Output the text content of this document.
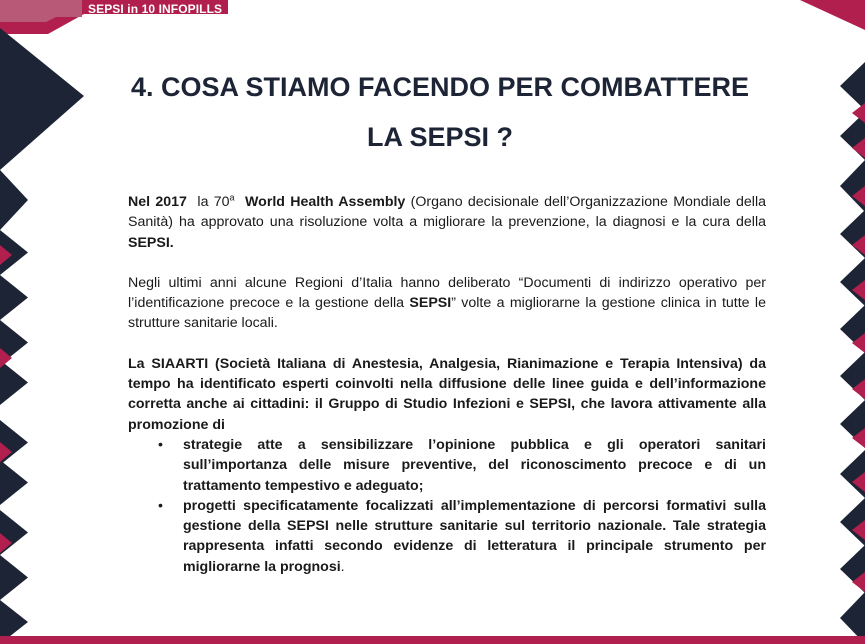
SEPSI in 10 INFOPILLS
4. COSA STIAMO FACENDO PER COMBATTERE
LA SEPSI ?

Nel 2017 la 70$^a$ World Health Assembly (Organo decisionale dell’Organizzazione Mondiale della Sanità) ha approvato una risoluzione volta a migliorare la prevenzione, la diagnosi e la cura della SEPSI.

Negli ultimi anni alcune Regioni d’Italia hanno deliberato “Documenti di indirizzo operativo per l’identificazione precoce e la gestione della SEPSI” volte a migliorarne la gestione clinica in tutte le strutture sanitarie locali.

La SIAARTI (Società Italiana di Anestesia, Analgesia, Rianimazione e Terapia Intensiva) da tempo ha identificato esperti coinvolti nella diffusione delle linee guida e dell’informazione corretta anche ai cittadini: il Gruppo di Studio Infezioni e SEPSI, che lavora attivamente alla promozione di

• strategie atte a sensibilizzare l’opinione pubblica e gli operatori sanitari sull’importanza delle misure preventive, del riconoscimento precoce e di un trattamento tempestivo e adeguato;
• progetti specificatamente focalizzati all’implementazione di percorsi formativi sulla gestione della SEPSI nelle strutture sanitarie sul territorio nazionale. Tale strategia rappresenta infatti secondo evidenze di letteratura il principale strumento per migliorarne la prognosi.
